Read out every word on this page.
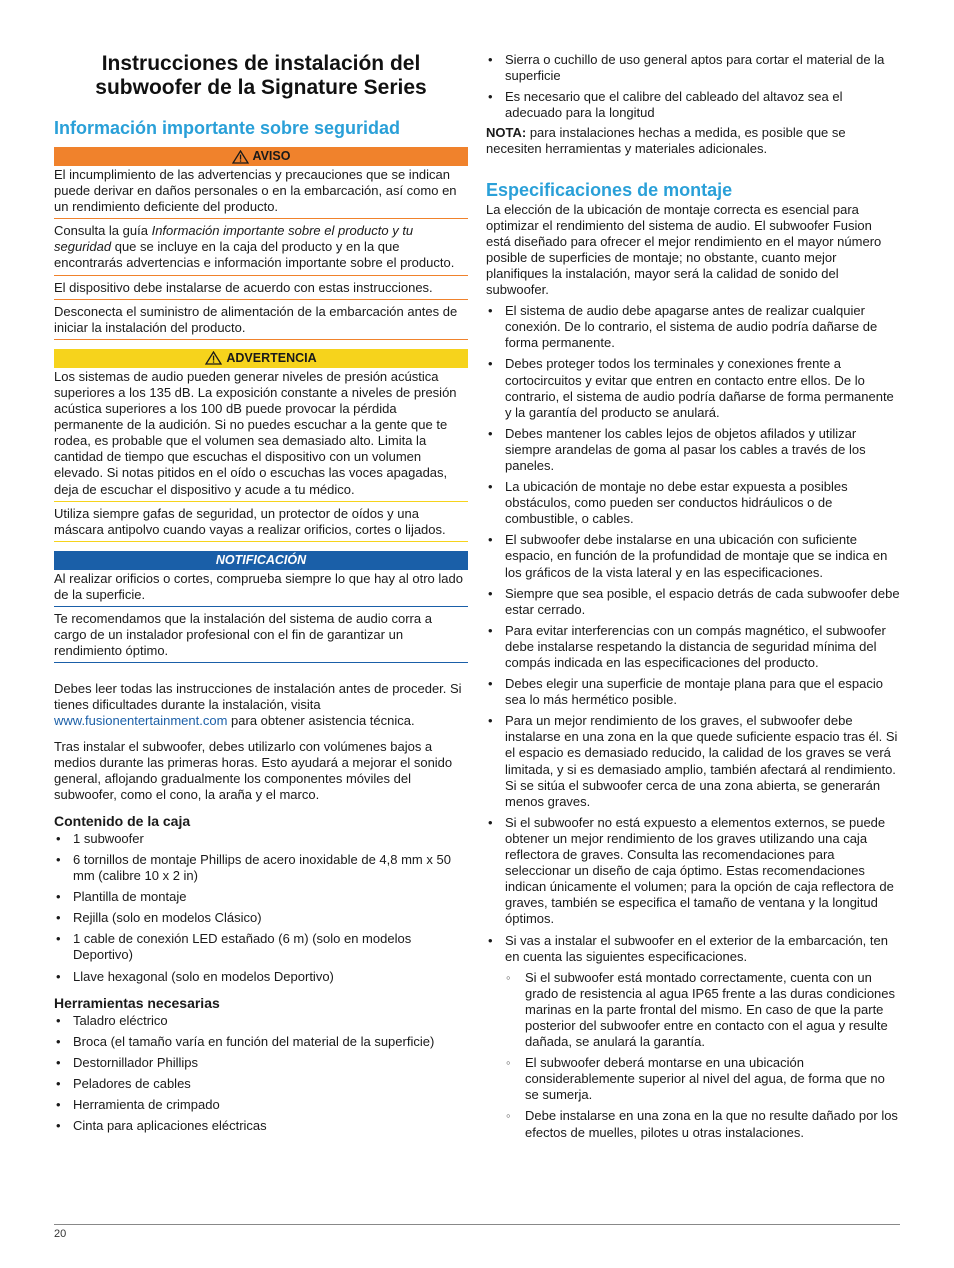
Instrucciones de instalación del subwoofer de la Signature Series
Información importante sobre seguridad
AVISO

El incumplimiento de las advertencias y precauciones que se indican puede derivar en daños personales o en la embarcación, así como en un rendimiento deficiente del producto.

Consulta la guía Información importante sobre el producto y tu seguridad que se incluye en la caja del producto y en la que encontrarás advertencias e información importante sobre el producto.

El dispositivo debe instalarse de acuerdo con estas instrucciones.

Desconecta el suministro de alimentación de la embarcación antes de iniciar la instalación del producto.

ADVERTENCIA

Los sistemas de audio pueden generar niveles de presión acústica superiores a los 135 dB. La exposición constante a niveles de presión acústica superiores a los 100 dB puede provocar la pérdida permanente de la audición. Si no puedes escuchar a la gente que te rodea, es probable que el volumen sea demasiado alto. Limita la cantidad de tiempo que escuchas el dispositivo con un volumen elevado. Si notas pitidos en el oído o escuchas las voces apagadas, deja de escuchar el dispositivo y acude a tu médico.

Utiliza siempre gafas de seguridad, un protector de oídos y una máscara antipolvo cuando vayas a realizar orificios, cortes o lijados.

NOTIFICACIÓN

Al realizar orificios o cortes, comprueba siempre lo que hay al otro lado de la superficie.

Te recomendamos que la instalación del sistema de audio corra a cargo de un instalador profesional con el fin de garantizar un rendimiento óptimo.

Debes leer todas las instrucciones de instalación antes de proceder. Si tienes dificultades durante la instalación, visita www.fusionentertainment.com para obtener asistencia técnica.

Tras instalar el subwoofer, debes utilizarlo con volúmenes bajos a medios durante las primeras horas. Esto ayudará a mejorar el sonido general, aflojando gradualmente los componentes móviles del subwoofer, como el cono, la araña y el marco.

Contenido de la caja
• 1 subwoofer
• 6 tornillos de montaje Phillips de acero inoxidable de 4,8 mm x 50 mm (calibre 10 x 2 in)
• Plantilla de montaje
• Rejilla (solo en modelos Clásico)
• 1 cable de conexión LED estañado (6 m) (solo en modelos Deportivo)
• Llave hexagonal (solo en modelos Deportivo)
Herramientas necesarias
• Taladro eléctrico
• Broca (el tamaño varía en función del material de la superficie)
• Destornillador Phillips
• Peladores de cables
• Herramienta de crimpado
• Cinta para aplicaciones eléctricas
• Sierra o cuchillo de uso general aptos para cortar el material de la superficie
• Es necesario que el calibre del cableado del altavoz sea el adecuado para la longitud

NOTA: para instalaciones hechas a medida, es posible que se necesiten herramientas y materiales adicionales.

Especificaciones de montaje

La elección de la ubicación de montaje correcta es esencial para optimizar el rendimiento del sistema de audio. El subwoofer Fusion está diseñado para ofrecer el mejor rendimiento en el mayor número posible de superficies de montaje; no obstante, cuanto mejor planifiques la instalación, mayor será la calidad de sonido del subwoofer.

• El sistema de audio debe apagarse antes de realizar cualquier conexión. De lo contrario, el sistema de audio podría dañarse de forma permanente.
• Debes proteger todos los terminales y conexiones frente a cortocircuitos y evitar que entren en contacto entre ellos. De lo contrario, el sistema de audio podría dañarse de forma permanente y la garantía del producto se anulará.
• Debes mantener los cables lejos de objetos afilados y utilizar siempre arandelas de goma al pasar los cables a través de los paneles.
• La ubicación de montaje no debe estar expuesta a posibles obstáculos, como pueden ser conductos hidráulicos o de combustible, o cables.
• El subwoofer debe instalarse en una ubicación con suficiente espacio, en función de la profundidad de montaje que se indica en los gráficos de la vista lateral y en las especificaciones.
• Siempre que sea posible, el espacio detrás de cada subwoofer debe estar cerrado.
• Para evitar interferencias con un compás magnético, el subwoofer debe instalarse respetando la distancia de seguridad mínima del compás indicada en las especificaciones del producto.
• Debes elegir una superficie de montaje plana para que el espacio sea lo más hermético posible.
• Para un mejor rendimiento de los graves, el subwoofer debe instalarse en una zona en la que quede suficiente espacio tras él. Si el espacio es demasiado reducido, la calidad de los graves se verá limitada, y si es demasiado amplio, también afectará al rendimiento. Si se sitúa el subwoofer cerca de una zona abierta, se generarán menos graves.
• Si el subwoofer no está expuesto a elementos externos, se puede obtener un mejor rendimiento de los graves utilizando una caja reflectora de graves. Consulta las recomendaciones para seleccionar un diseño de caja óptimo. Estas recomendaciones indican únicamente el volumen; para la opción de caja reflectora de graves, también se especifica el tamaño de ventana y la longitud óptimos.
• Si vas a instalar el subwoofer en el exterior de la embarcación, ten en cuenta las siguientes especificaciones.
◦ Si el subwoofer está montado correctamente, cuenta con un grado de resistencia al agua IP65 frente a las duras condiciones marinas en la parte frontal del mismo. En caso de que la parte posterior del subwoofer entre en contacto con el agua y resulte dañada, se anulará la garantía.
◦ El subwoofer deberá montarse en una ubicación considerablemente superior al nivel del agua, de forma que no se sumerja.
◦ Debe instalarse en una zona en la que no resulte dañado por los efectos de muelles, pilotes u otras instalaciones.
20
